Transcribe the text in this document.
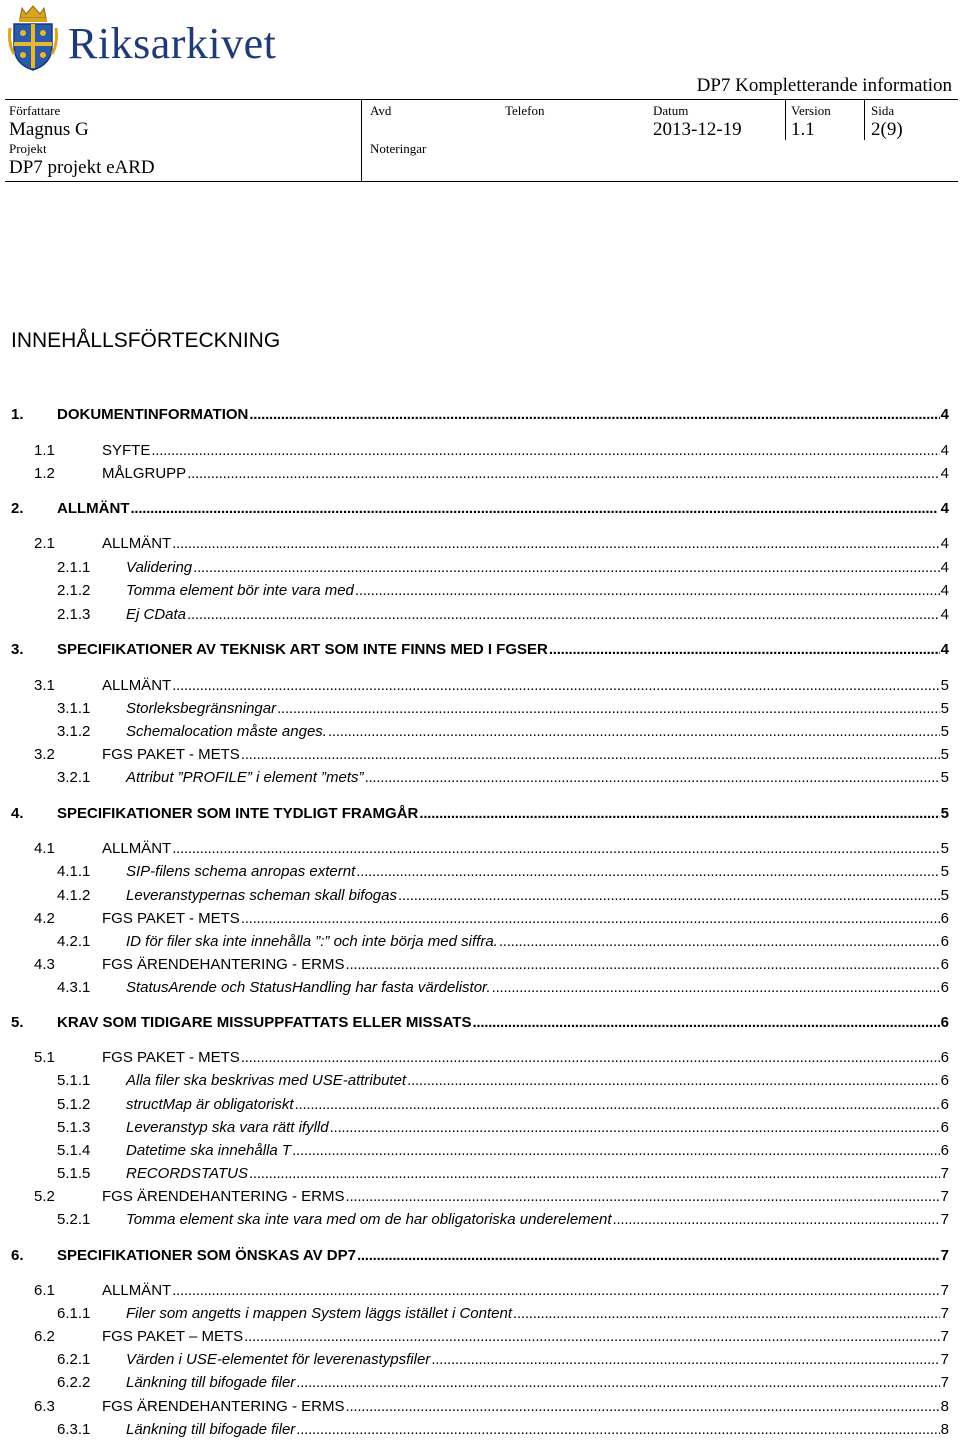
Riksarkivet
DP7 Kompletterande information
Författare
Magnus G
Avd	Telefon	Datum
2013-12-19
Version
1.1
Sida
2(9)
Projekt
DP7 projekt eARD
Noteringar
INNEHÅLLSFÖRTECKNING
1.	DOKUMENTINFORMATION . . .	4
1.1	SYFTE . . .	4
1.2	MÅLGRUPP . . .	4
2.	ALLMÄNT . . .	4
2.1	ALLMÄNT . . .	4
2.1.1	Validering . . .	4
2.1.2	Tomma element bör inte vara med . . .	4
2.1.3	Ej CData . . .	4
3.	SPECIFIKATIONER AV TEKNISK ART SOM INTE FINNS MED I FGSER . . .	4
3.1	ALLMÄNT . . .	5
3.1.1	Storleksbegränsningar . . .	5
3.1.2	Schemalocation måste anges. . . .	5
3.2	FGS PAKET - METS . . .	5
3.2.1	Attribut ”PROFILE” i element ”mets” . . .	5
4.	SPECIFIKATIONER SOM INTE TYDLIGT FRAMGÅR . . .	5
4.1	ALLMÄNT . . .	5
4.1.1	SIP-filens schema anropas externt . . .	5
4.1.2	Leveranstypernas scheman skall bifogas . . .	5
4.2	FGS PAKET - METS . . .	6
4.2.1	ID för filer ska inte innehålla ”:” och inte börja med siffra. . . .	6
4.3	FGS ÄRENDEHANTERING - ERMS . . .	6
4.3.1	StatusArende och StatusHandling har fasta värdelistor. . . .	6
5.	KRAV SOM TIDIGARE MISSUPPFATTATS ELLER MISSATS . . .	6
5.1	FGS PAKET - METS . . .	6
5.1.1	Alla filer ska beskrivas med USE-attributet . . .	6
5.1.2	structMap är obligatoriskt . . .	6
5.1.3	Leveranstyp ska vara rätt ifylld . . .	6
5.1.4	Datetime ska innehålla T . . .	6
5.1.5	RECORDSTATUS . . .	7
5.2	FGS ÄRENDEHANTERING - ERMS . . .	7
5.2.1	Tomma element ska inte vara med om de har obligatoriska underelement . . .	7
6.	SPECIFIKATIONER SOM ÖNSKAS AV DP7 . . .	7
6.1	ALLMÄNT . . .	7
6.1.1	Filer som angetts i mappen System läggs istället i Content . . .	7
6.2	FGS PAKET – METS . . .	7
6.2.1	Värden i USE-elementet för leverenastypsfiler . . .	7
6.2.2	Länkning till bifogade filer . . .	7
6.3	FGS ÄRENDEHANTERING - ERMS . . .	8
6.3.1	Länkning till bifogade filer . . .	8
